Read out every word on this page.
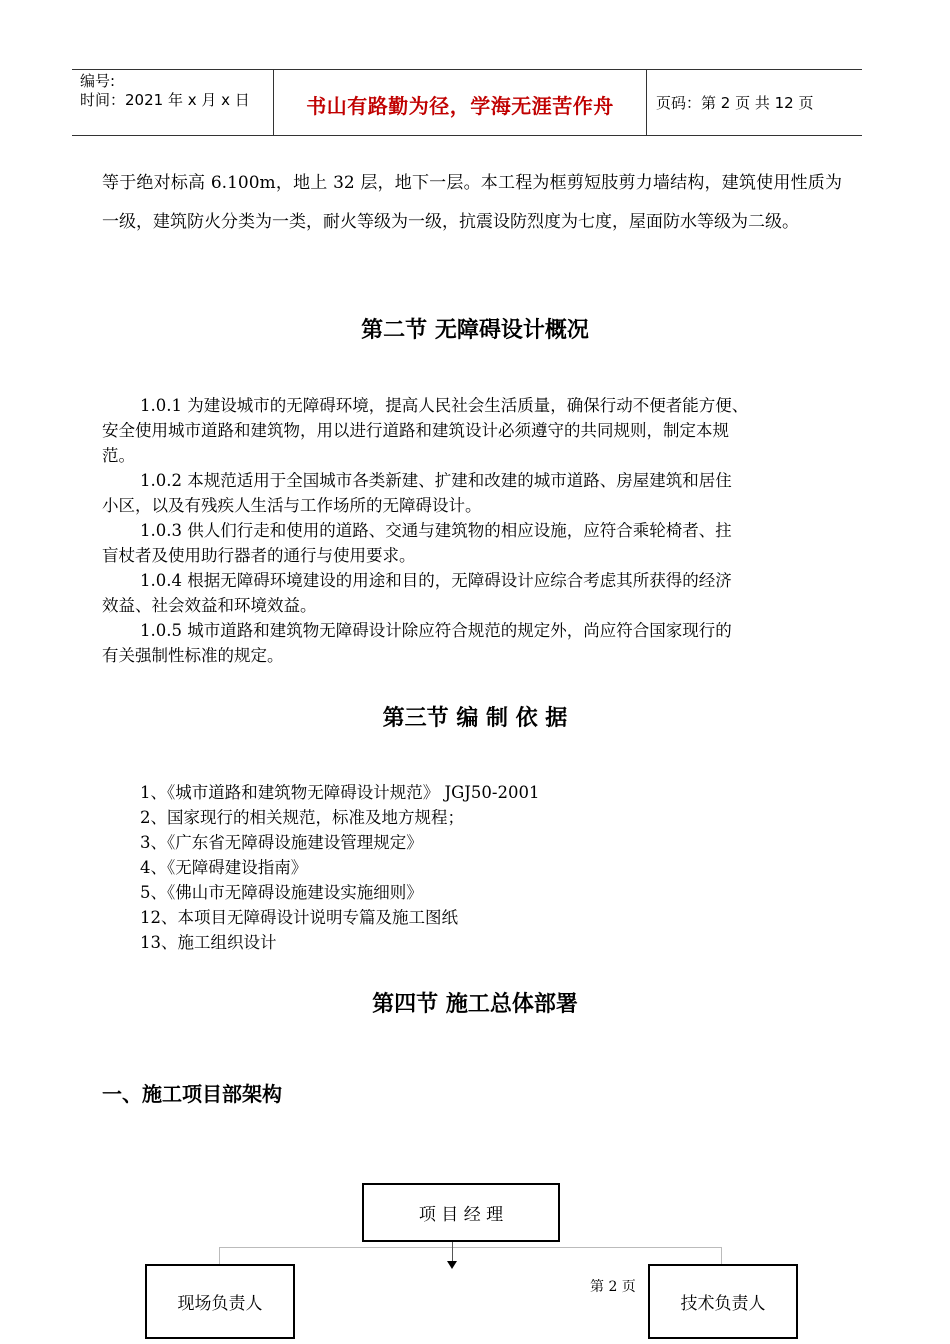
编号:
时间：2021 年 x 月 x 日	书山有路勤为径，学海无涯苦作舟	页码：第 2 页 共 12 页
等于绝对标高 6.100m，地上 32 层，地下一层。本工程为框剪短肢剪力墙结构，建筑使用性质为一级，建筑防火分类为一类，耐火等级为一级，抗震设防烈度为七度，屋面防水等级为二级。
第二节 无障碍设计概况
1.0.1 为建设城市的无障碍环境，提高人民社会生活质量，确保行动不便者能方便、
安全使用城市道路和建筑物，用以进行道路和建筑设计必须遵守的共同规则，制定本规
范。
1.0.2 本规范适用于全国城市各类新建、扩建和改建的城市道路、房屋建筑和居住
小区，以及有残疾人生活与工作场所的无障碍设计。
1.0.3 供人们行走和使用的道路、交通与建筑物的相应设施，应符合乘轮椅者、拄
盲杖者及使用助行器者的通行与使用要求。
1.0.4 根据无障碍环境建设的用途和目的，无障碍设计应综合考虑其所获得的经济
效益、社会效益和环境效益。
1.0.5 城市道路和建筑物无障碍设计除应符合规范的规定外，尚应符合国家现行的
有关强制性标准的规定。
第三节 编 制 依 据
1、《城市道路和建筑物无障碍设计规范》 JGJ50-2001
2、国家现行的相关规范，标准及地方规程；
3、《广东省无障碍设施建设管理规定》
4、《无障碍建设指南》
5、《佛山市无障碍设施建设实施细则》
12、本项目无障碍设计说明专篇及施工图纸
13、施工组织设计
第四节 施工总体部署
一、施工项目部架构
项 目 经 理
现场负责人	技术负责人
第 2 页
